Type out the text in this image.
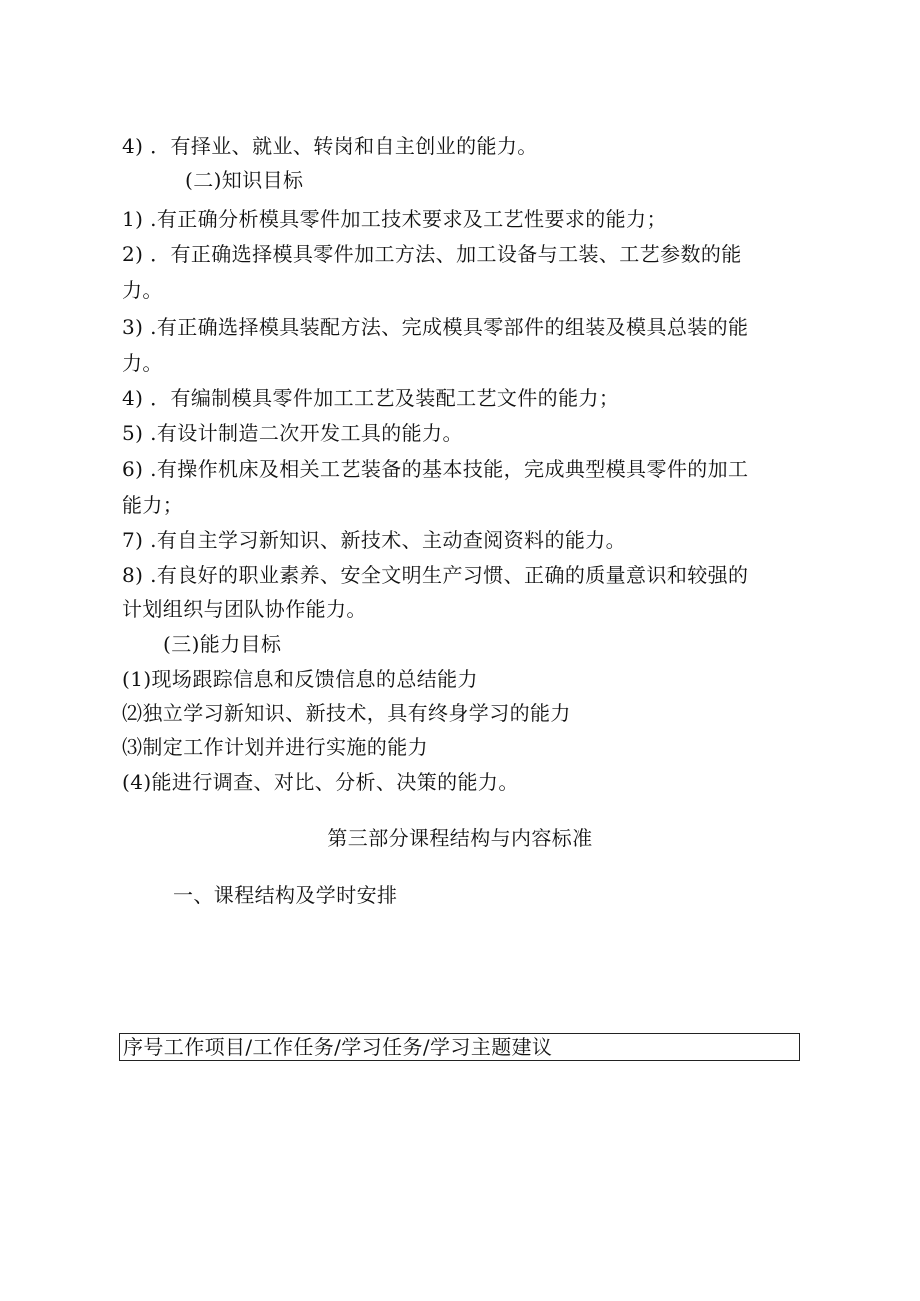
4) ．有择业、就业、转岗和自主创业的能力。
(二)知识目标
1) .有正确分析模具零件加工技术要求及工艺性要求的能力；
2) ．有正确选择模具零件加工方法、加工设备与工装、工艺参数的能
力。
3) .有正确选择模具装配方法、完成模具零部件的组装及模具总装的能
力。
4) ．有编制模具零件加工工艺及装配工艺文件的能力；
5) .有设计制造二次开发工具的能力。
6) .有操作机床及相关工艺装备的基本技能，完成典型模具零件的加工
能力；
7) .有自主学习新知识、新技术、主动查阅资料的能力。
8) .有良好的职业素养、安全文明生产习惯、正确的质量意识和较强的
计划组织与团队协作能力。
(三)能力目标
(1)现场跟踪信息和反馈信息的总结能力
⑵独立学习新知识、新技术，具有终身学习的能力
⑶制定工作计划并进行实施的能力
(4)能进行调查、对比、分析、决策的能力。
第三部分课程结构与内容标准
一、课程结构及学时安排
序号工作项目/工作任务/学习任务/学习主题建议
